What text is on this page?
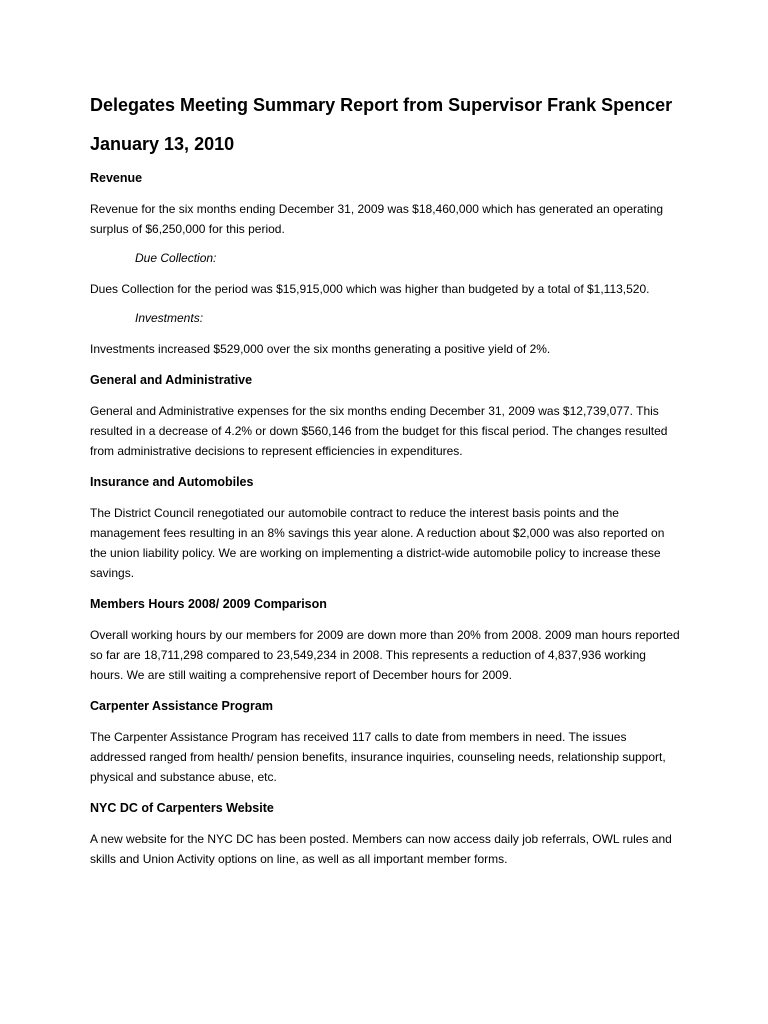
Delegates Meeting Summary Report from Supervisor Frank Spencer
January 13, 2010
Revenue

Revenue for the six months ending December 31, 2009 was $18,460,000 which has generated an operating surplus of $6,250,000 for this period.

Due Collection:

Dues Collection for the period was $15,915,000 which was higher than budgeted by a total of $1,113,520.

Investments:

Investments increased $529,000 over the six months generating a positive yield of 2%.

General and Administrative

General and Administrative expenses for the six months ending December 31, 2009 was $12,739,077. This resulted in a decrease of 4.2% or down $560,146 from the budget for this fiscal period. The changes resulted from administrative decisions to represent efficiencies in expenditures.

Insurance and Automobiles

The District Council renegotiated our automobile contract to reduce the interest basis points and the management fees resulting in an 8% savings this year alone. A reduction about $2,000 was also reported on the union liability policy. We are working on implementing a district-wide automobile policy to increase these savings.

Members Hours 2008/ 2009 Comparison

Overall working hours by our members for 2009 are down more than 20% from 2008. 2009 man hours reported so far are 18,711,298 compared to 23,549,234 in 2008. This represents a reduction of 4,837,936 working hours. We are still waiting a comprehensive report of December hours for 2009.

Carpenter Assistance Program

The Carpenter Assistance Program has received 117 calls to date from members in need. The issues addressed ranged from health/ pension benefits, insurance inquiries, counseling needs, relationship support, physical and substance abuse, etc.

NYC DC of Carpenters Website

A new website for the NYC DC has been posted. Members can now access daily job referrals, OWL rules and skills and Union Activity options on line, as well as all important member forms.
